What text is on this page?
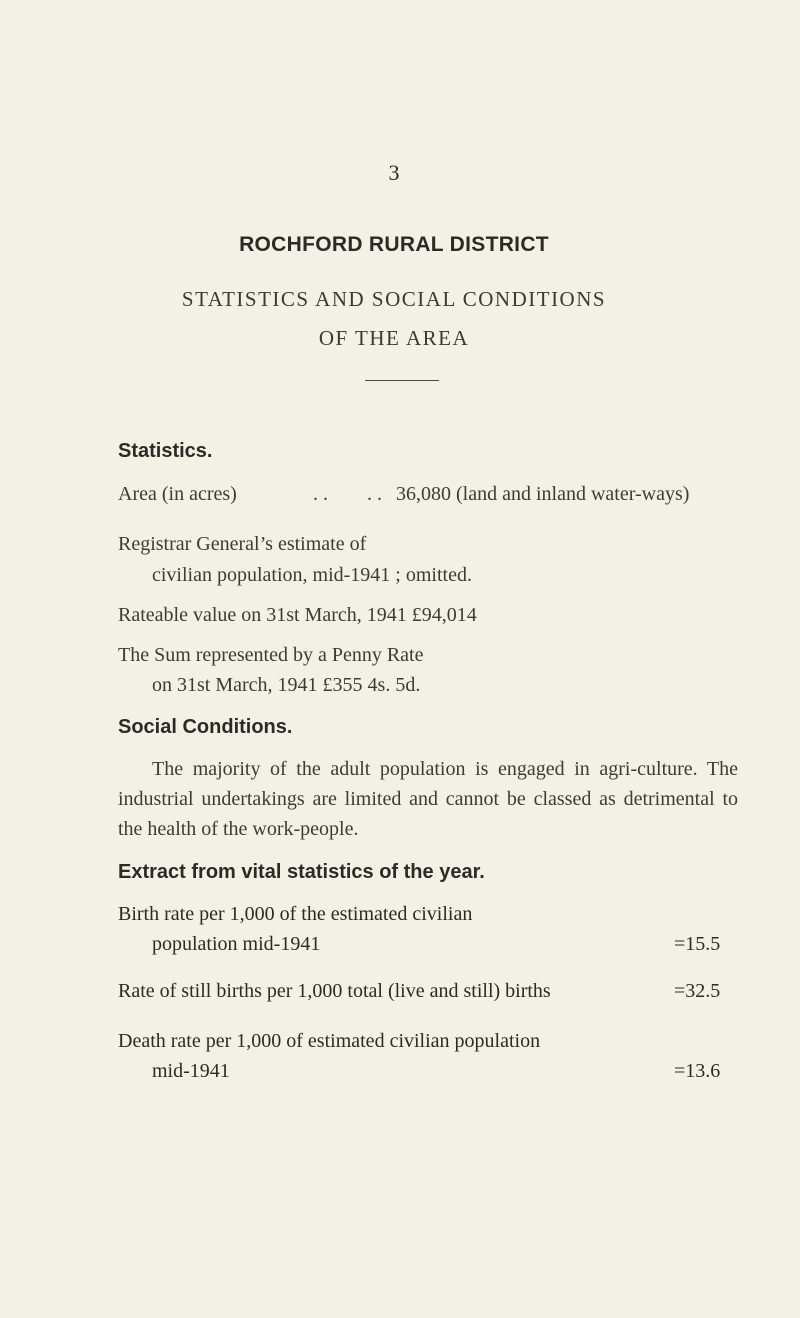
3
ROCHFORD RURAL DISTRICT
STATISTICS AND SOCIAL CONDITIONS
OF THE AREA
Statistics.
Area (in acres)	. . . . 36,080 (land and inland water-ways)
Registrar General’s estimate of
civilian population, mid-1941 ; omitted.
Rateable value on 31st March, 1941 £94,014
The Sum represented by a Penny Rate
on 31st March, 1941 £355 4s. 5d.
Social Conditions.
The majority of the adult population is engaged in agri-culture. The industrial undertakings are limited and cannot be classed as detrimental to the health of the work-people.
Extract from vital statistics of the year.
Birth rate per 1,000 of the estimated civilian
population mid-1941	=15.5
Rate of still births per 1,000 total (live and still) births	=32.5
Death rate per 1,000 of estimated civilian population
mid-1941	=13.6
